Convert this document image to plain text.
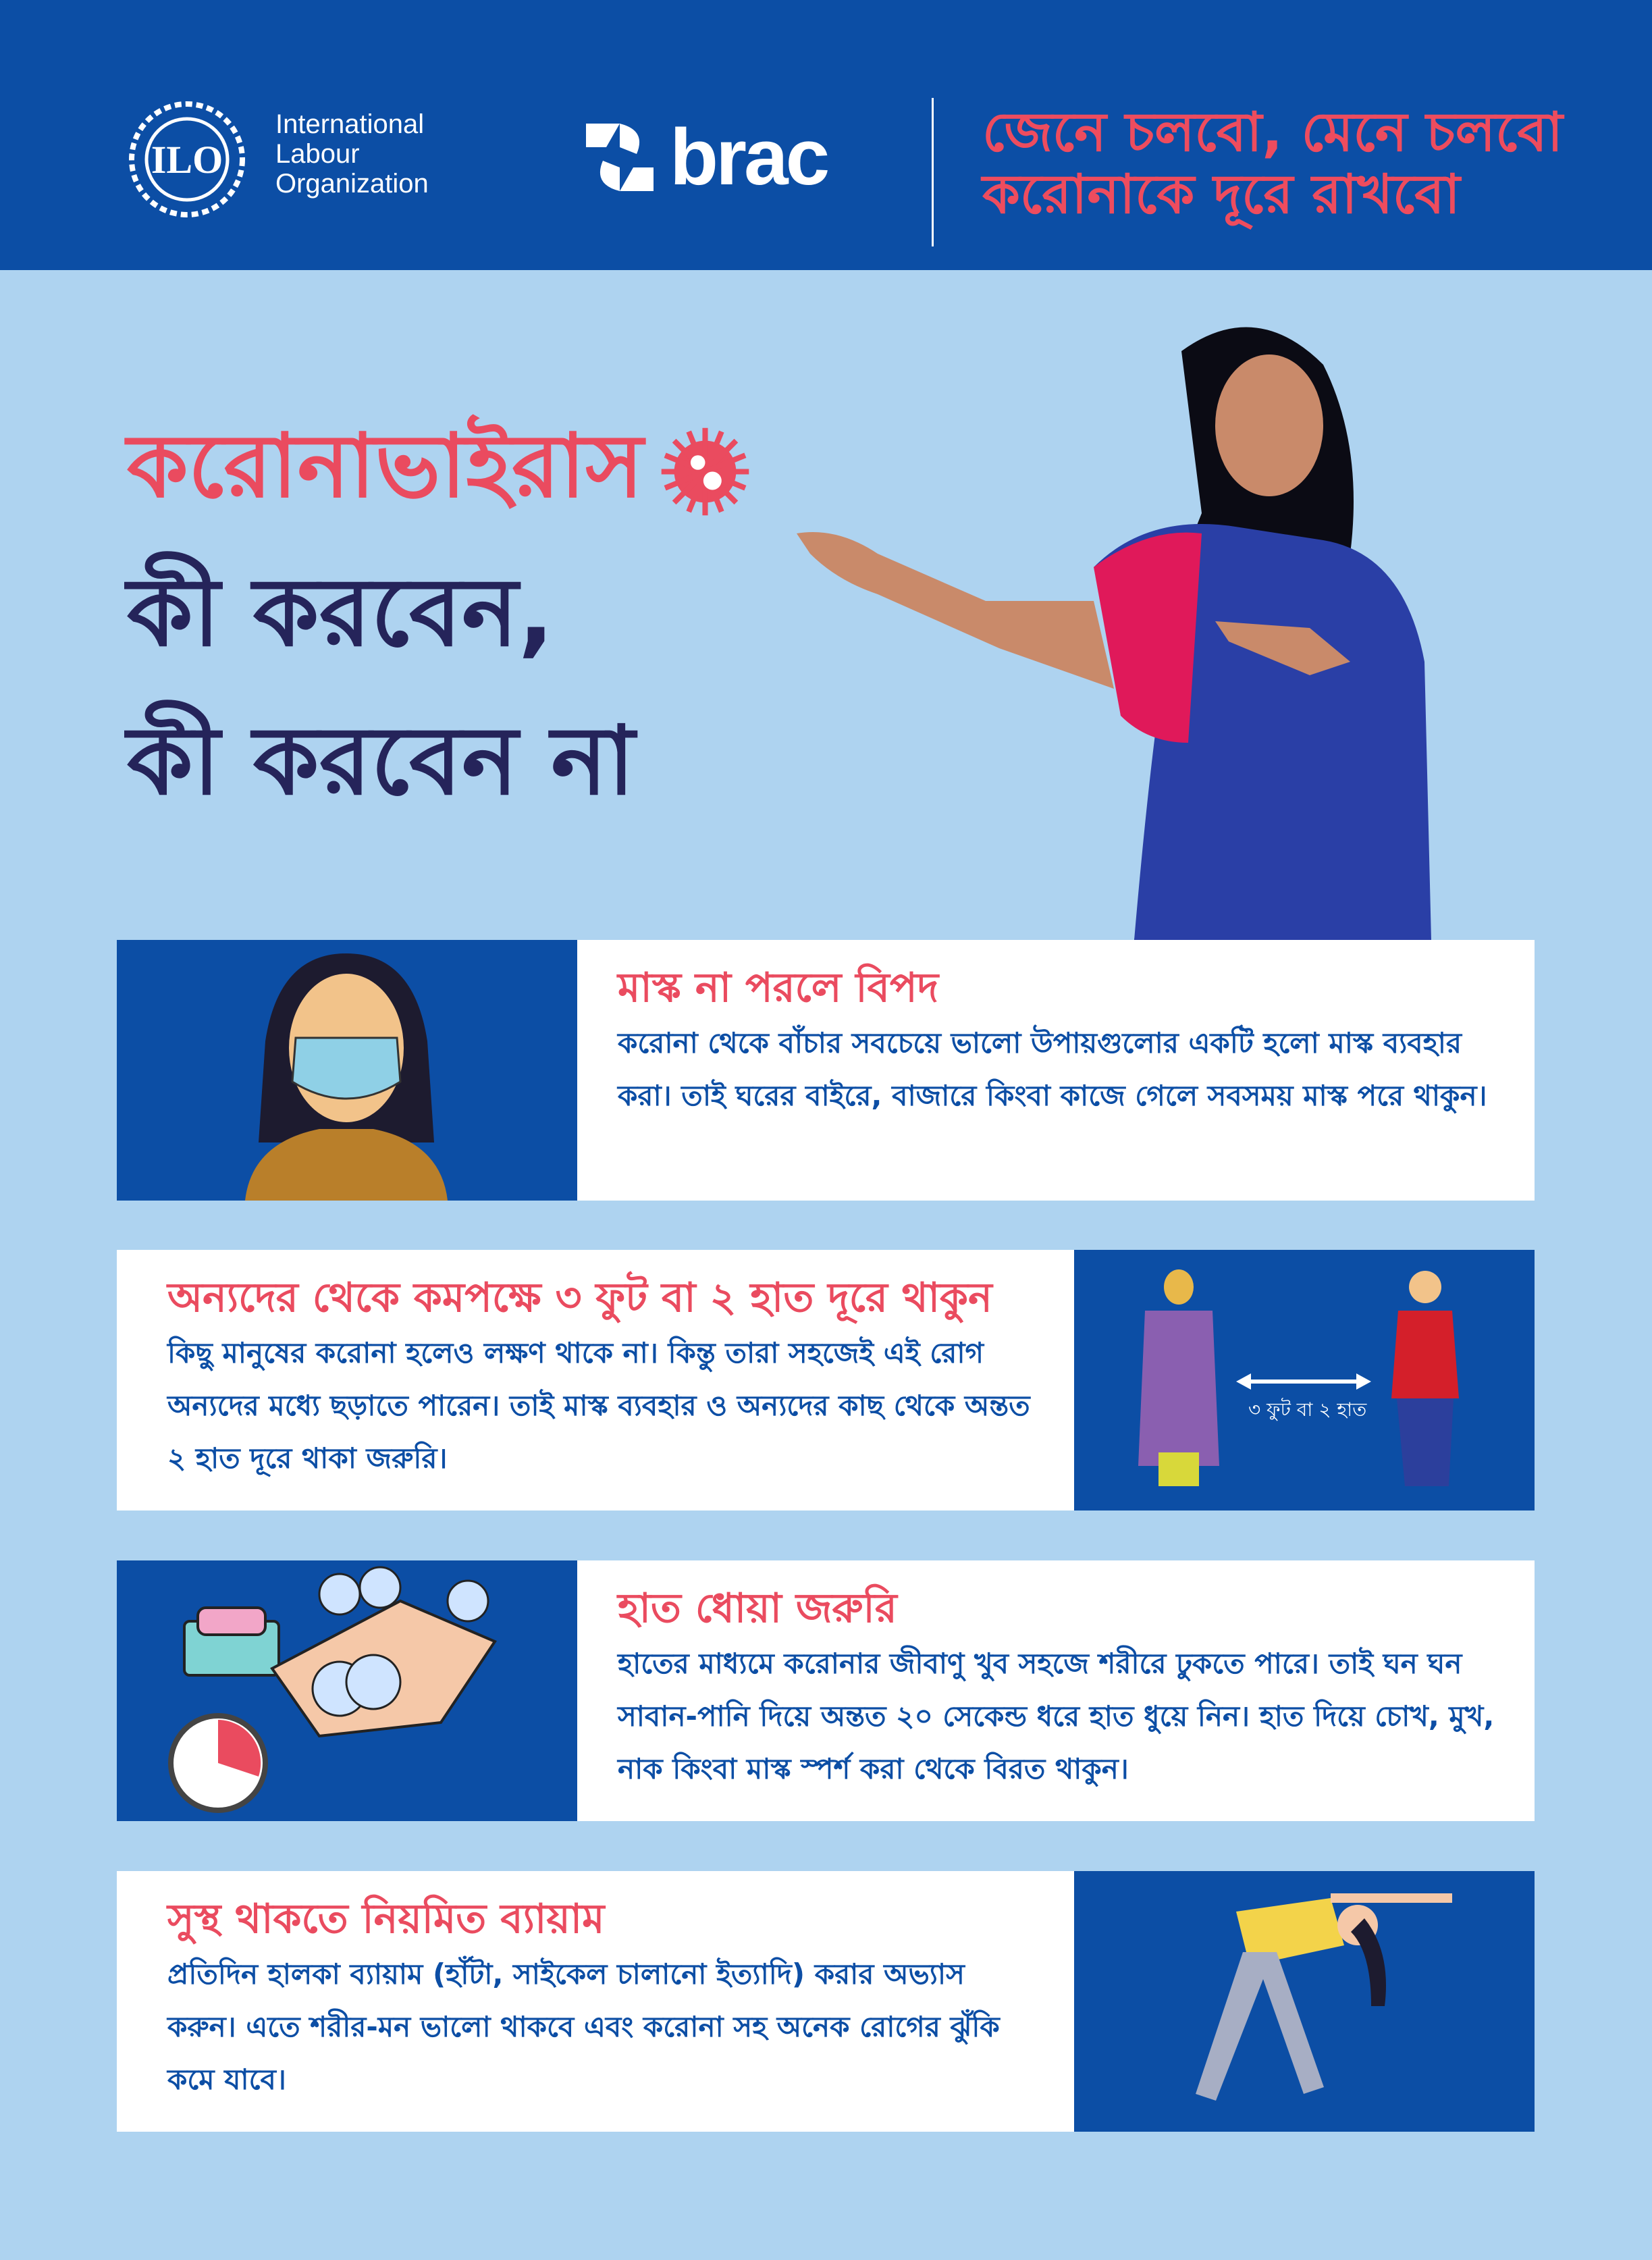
ILO
International
Labour
Organization	brac	জেনে চলবো, মেনে চলবো
করোনাকে দূরে রাখবো
করোনাভাইরাস
কী করবেন,
কী করবেন না
মাস্ক না পরলে বিপদ
করোনা থেকে বাঁচার সবচেয়ে ভালো উপায়গুলোর একটি হলো মাস্ক ব্যবহার করা। তাই ঘরের বাইরে, বাজারে কিংবা কাজে গেলে সবসময় মাস্ক পরে থাকুন।
অন্যদের থেকে কমপক্ষে ৩ ফুট বা ২ হাত দূরে থাকুন
কিছু মানুষের করোনা হলেও লক্ষণ থাকে না। কিন্তু তারা সহজেই এই রোগ অন্যদের মধ্যে ছড়াতে পারেন। তাই মাস্ক ব্যবহার ও অন্যদের কাছ থেকে অন্তত ২ হাত দূরে থাকা জরুরি।
৩ ফুট বা ২ হাত
হাত ধোয়া জরুরি
হাতের মাধ্যমে করোনার জীবাণু খুব সহজে শরীরে ঢুকতে পারে। তাই ঘন ঘন সাবান-পানি দিয়ে অন্তত ২০ সেকেন্ড ধরে হাত ধুয়ে নিন। হাত দিয়ে চোখ, মুখ, নাক কিংবা মাস্ক স্পর্শ করা থেকে বিরত থাকুন।
সুস্থ থাকতে নিয়মিত ব্যায়াম
প্রতিদিন হালকা ব্যায়াম (হাঁটা, সাইকেল চালানো ইত্যাদি) করার অভ্যাস করুন। এতে শরীর-মন ভালো থাকবে এবং করোনা সহ অনেক রোগের ঝুঁকি কমে যাবে।
